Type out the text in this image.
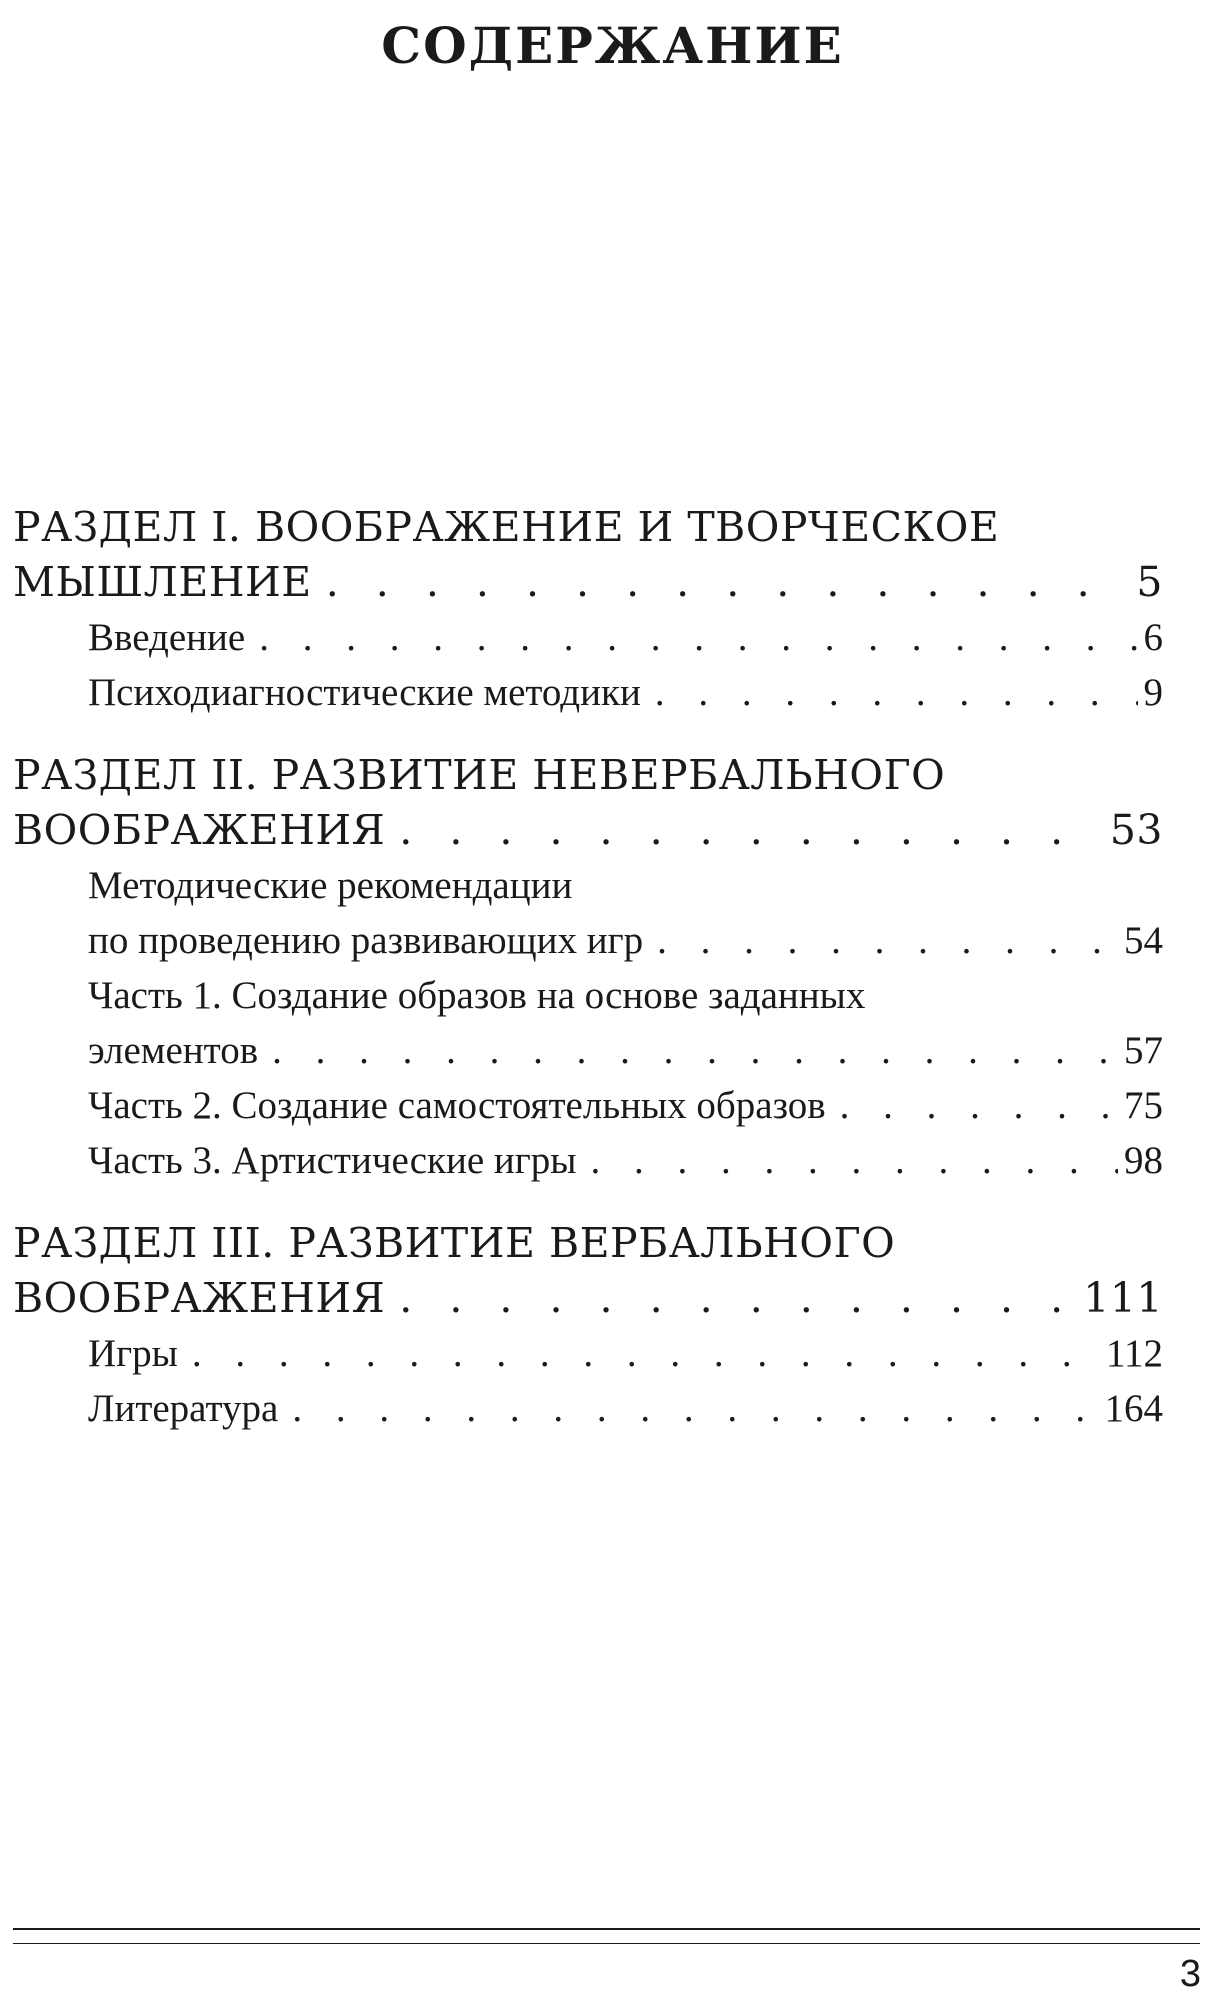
СОДЕРЖАНИЕ
РАЗДЕЛ I. ВООБРАЖЕНИЕ И ТВОРЧЕСКОЕ
МЫШЛЕНИЕ . . .	5
Введение . . .	6
Психодиагностические методики . . .	9
РАЗДЕЛ II. РАЗВИТИЕ НЕВЕРБАЛЬНОГО
ВООБРАЖЕНИЯ . . .	53
Методические рекомендации
по проведению развивающих игр . . .	54
Часть 1. Создание образов на основе заданных
элементов . . .	57
Часть 2. Создание самостоятельных образов . . .	75
Часть 3. Артистические игры . . .	98
РАЗДЕЛ III. РАЗВИТИЕ ВЕРБАЛЬНОГО
ВООБРАЖЕНИЯ . . .	111
Игры . . .	112
Литература . . .	164
3
